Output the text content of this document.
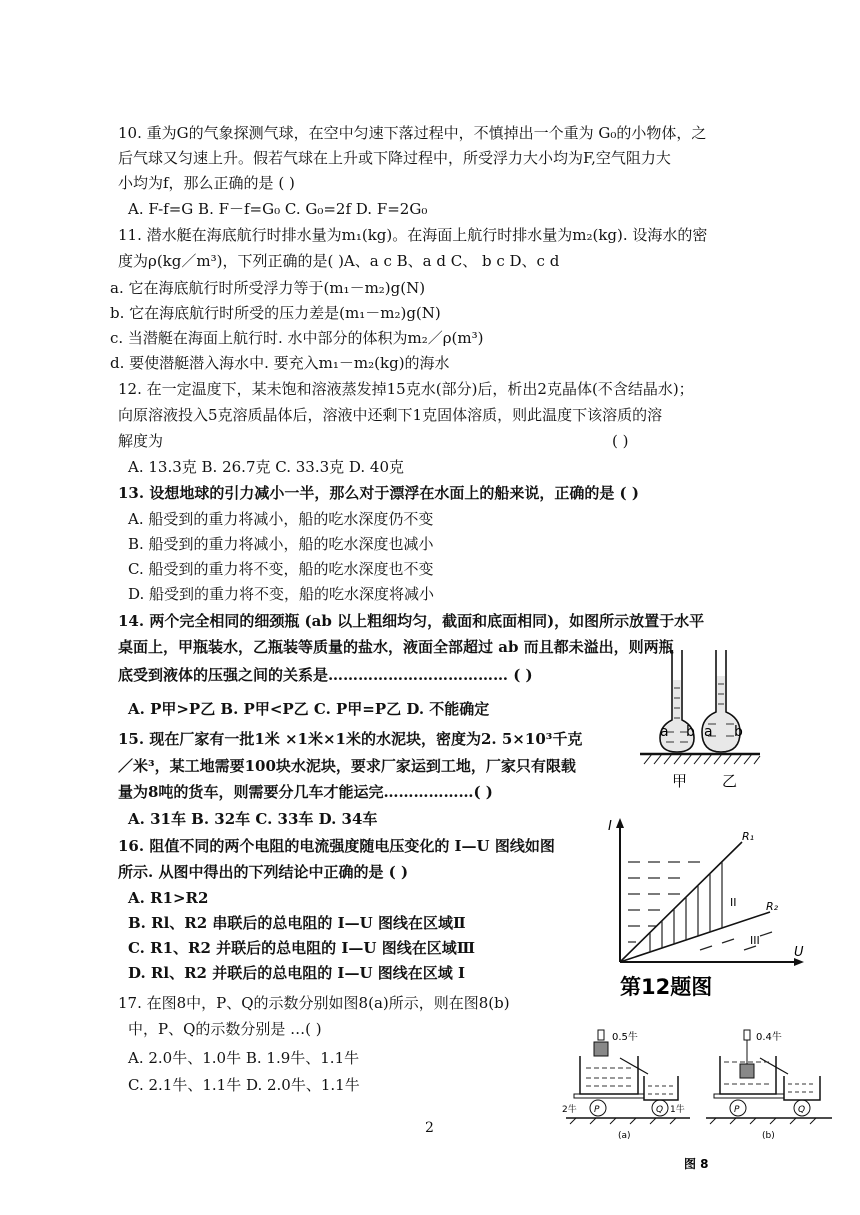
10. 重为G的气象探测气球，在空中匀速下落过程中，不慎掉出一个重为 G₀的小物体，之
后气球又匀速上升。假若气球在上升或下降过程中，所受浮力大小均为F,空气阻力大
小均为f，那么正确的是 ( )
A. F-f=G B. F－f=G₀ C. G₀=2f D. F=2G₀
11. 潜水艇在海底航行时排水量为m₁(kg)。在海面上航行时排水量为m₂(kg). 设海水的密
度为ρ(kg／m³)，下列正确的是( )A、a c B、a d C、 b c D、c d
a. 它在海底航行时所受浮力等于(m₁－m₂)g(N)
b. 它在海底航行时所受的压力差是(m₁－m₂)g(N)
c. 当潜艇在海面上航行时. 水中部分的体积为m₂／ρ(m³)
d. 要使潜艇潜入海水中. 要充入m₁－m₂(kg)的海水
12. 在一定温度下，某未饱和溶液蒸发掉15克水(部分)后，析出2克晶体(不含结晶水)；
向原溶液投入5克溶质晶体后，溶液中还剩下1克固体溶质，则此温度下该溶质的溶
解度为	( )
A. 13.3克 B. 26.7克 C. 33.3克 D. 40克
13. 设想地球的引力减小一半，那么对于漂浮在水面上的船来说，正确的是 ( )
A. 船受到的重力将减小，船的吃水深度仍不变
B. 船受到的重力将减小，船的吃水深度也减小
C. 船受到的重力将不变，船的吃水深度也不变
D. 船受到的重力将不变，船的吃水深度将减小
14. 两个完全相同的细颈瓶 (ab 以上粗细均匀，截面和底面相同)，如图所示放置于水平
桌面上，甲瓶装水，乙瓶装等质量的盐水，液面全部超过 ab 而且都未溢出，则两瓶
底受到液体的压强之间的关系是……………………………… ( )
A. P甲>P乙 B. P甲<P乙 C. P甲=P乙 D. 不能确定
a b a b
甲 乙
15. 现在厂家有一批1米 ×1米×1米的水泥块，密度为2. 5×10³千克
／米³，某工地需要100块水泥块，要求厂家运到工地，厂家只有限载
量为8吨的货车，则需要分几车才能运完………………( )
A. 31车 B. 32车 C. 33车 D. 34车
16. 阻值不同的两个电阻的电流强度随电压变化的 I—U 图线如图
所示. 从图中得出的下列结论中正确的是 ( )
A. R1>R2
B. Rl、R2 串联后的总电阻的 I—U 图线在区域Ⅱ
C. R1、R2 并联后的总电阻的 I—U 图线在区域Ⅲ
D. Rl、R2 并联后的总电阻的 I—U 图线在区域 I
I
U
R₁
R₂
II
III
第12题图
17. 在图8中，P、Q的示数分别如图8(a)所示，则在图8(b)
中，P、Q的示数分别是 …( )
A. 2.0牛、1.0牛 B. 1.9牛、1.1牛
C. 2.1牛、1.1牛 D. 2.0牛、1.1牛
0.5牛
P	Q
2牛	1牛
(a)
0.4牛
P	Q
(b)
图 8
2
